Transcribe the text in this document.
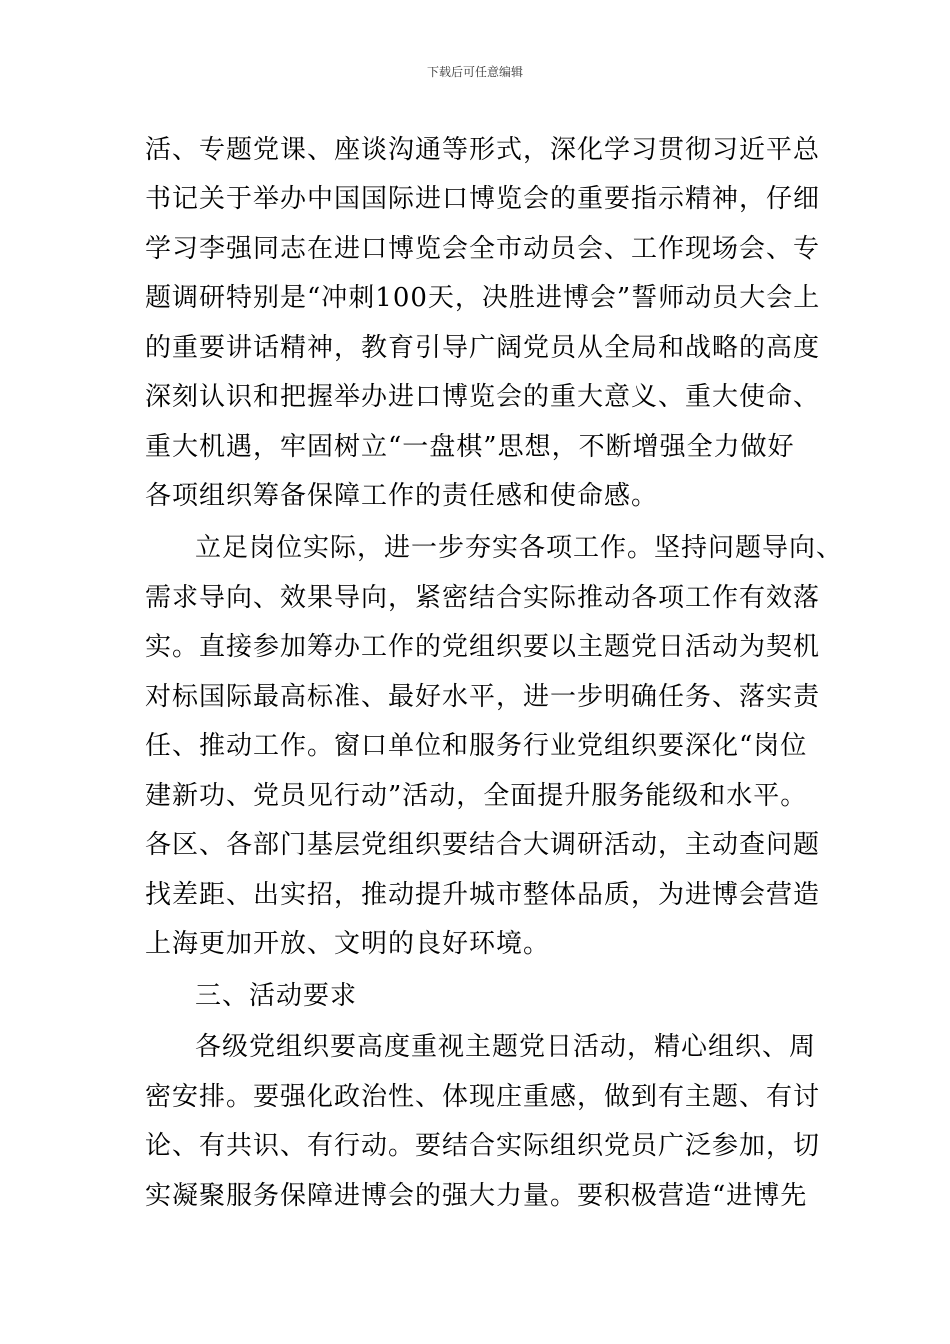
下载后可任意编辑
活、专题党课、座谈沟通等形式，深化学习贯彻习近平总
书记关于举办中国国际进口博览会的重要指示精神，仔细
学习李强同志在进口博览会全市动员会、工作现场会、专
题调研特别是“冲刺100天，决胜进博会”誓师动员大会上
的重要讲话精神，教育引导广阔党员从全局和战略的高度
深刻认识和把握举办进口博览会的重大意义、重大使命、
重大机遇，牢固树立“一盘棋”思想，不断增强全力做好
各项组织筹备保障工作的责任感和使命感。
立足岗位实际，进一步夯实各项工作。坚持问题导向、
需求导向、效果导向，紧密结合实际推动各项工作有效落
实。直接参加筹办工作的党组织要以主题党日活动为契机
对标国际最高标准、最好水平，进一步明确任务、落实责
任、推动工作。窗口单位和服务行业党组织要深化“岗位
建新功、党员见行动”活动，全面提升服务能级和水平。
各区、各部门基层党组织要结合大调研活动，主动查问题
找差距、出实招，推动提升城市整体品质，为进博会营造
上海更加开放、文明的良好环境。
三、活动要求
各级党组织要高度重视主题党日活动，精心组织、周
密安排。要强化政治性、体现庄重感，做到有主题、有讨
论、有共识、有行动。要结合实际组织党员广泛参加，切
实凝聚服务保障进博会的强大力量。要积极营造“进博先
